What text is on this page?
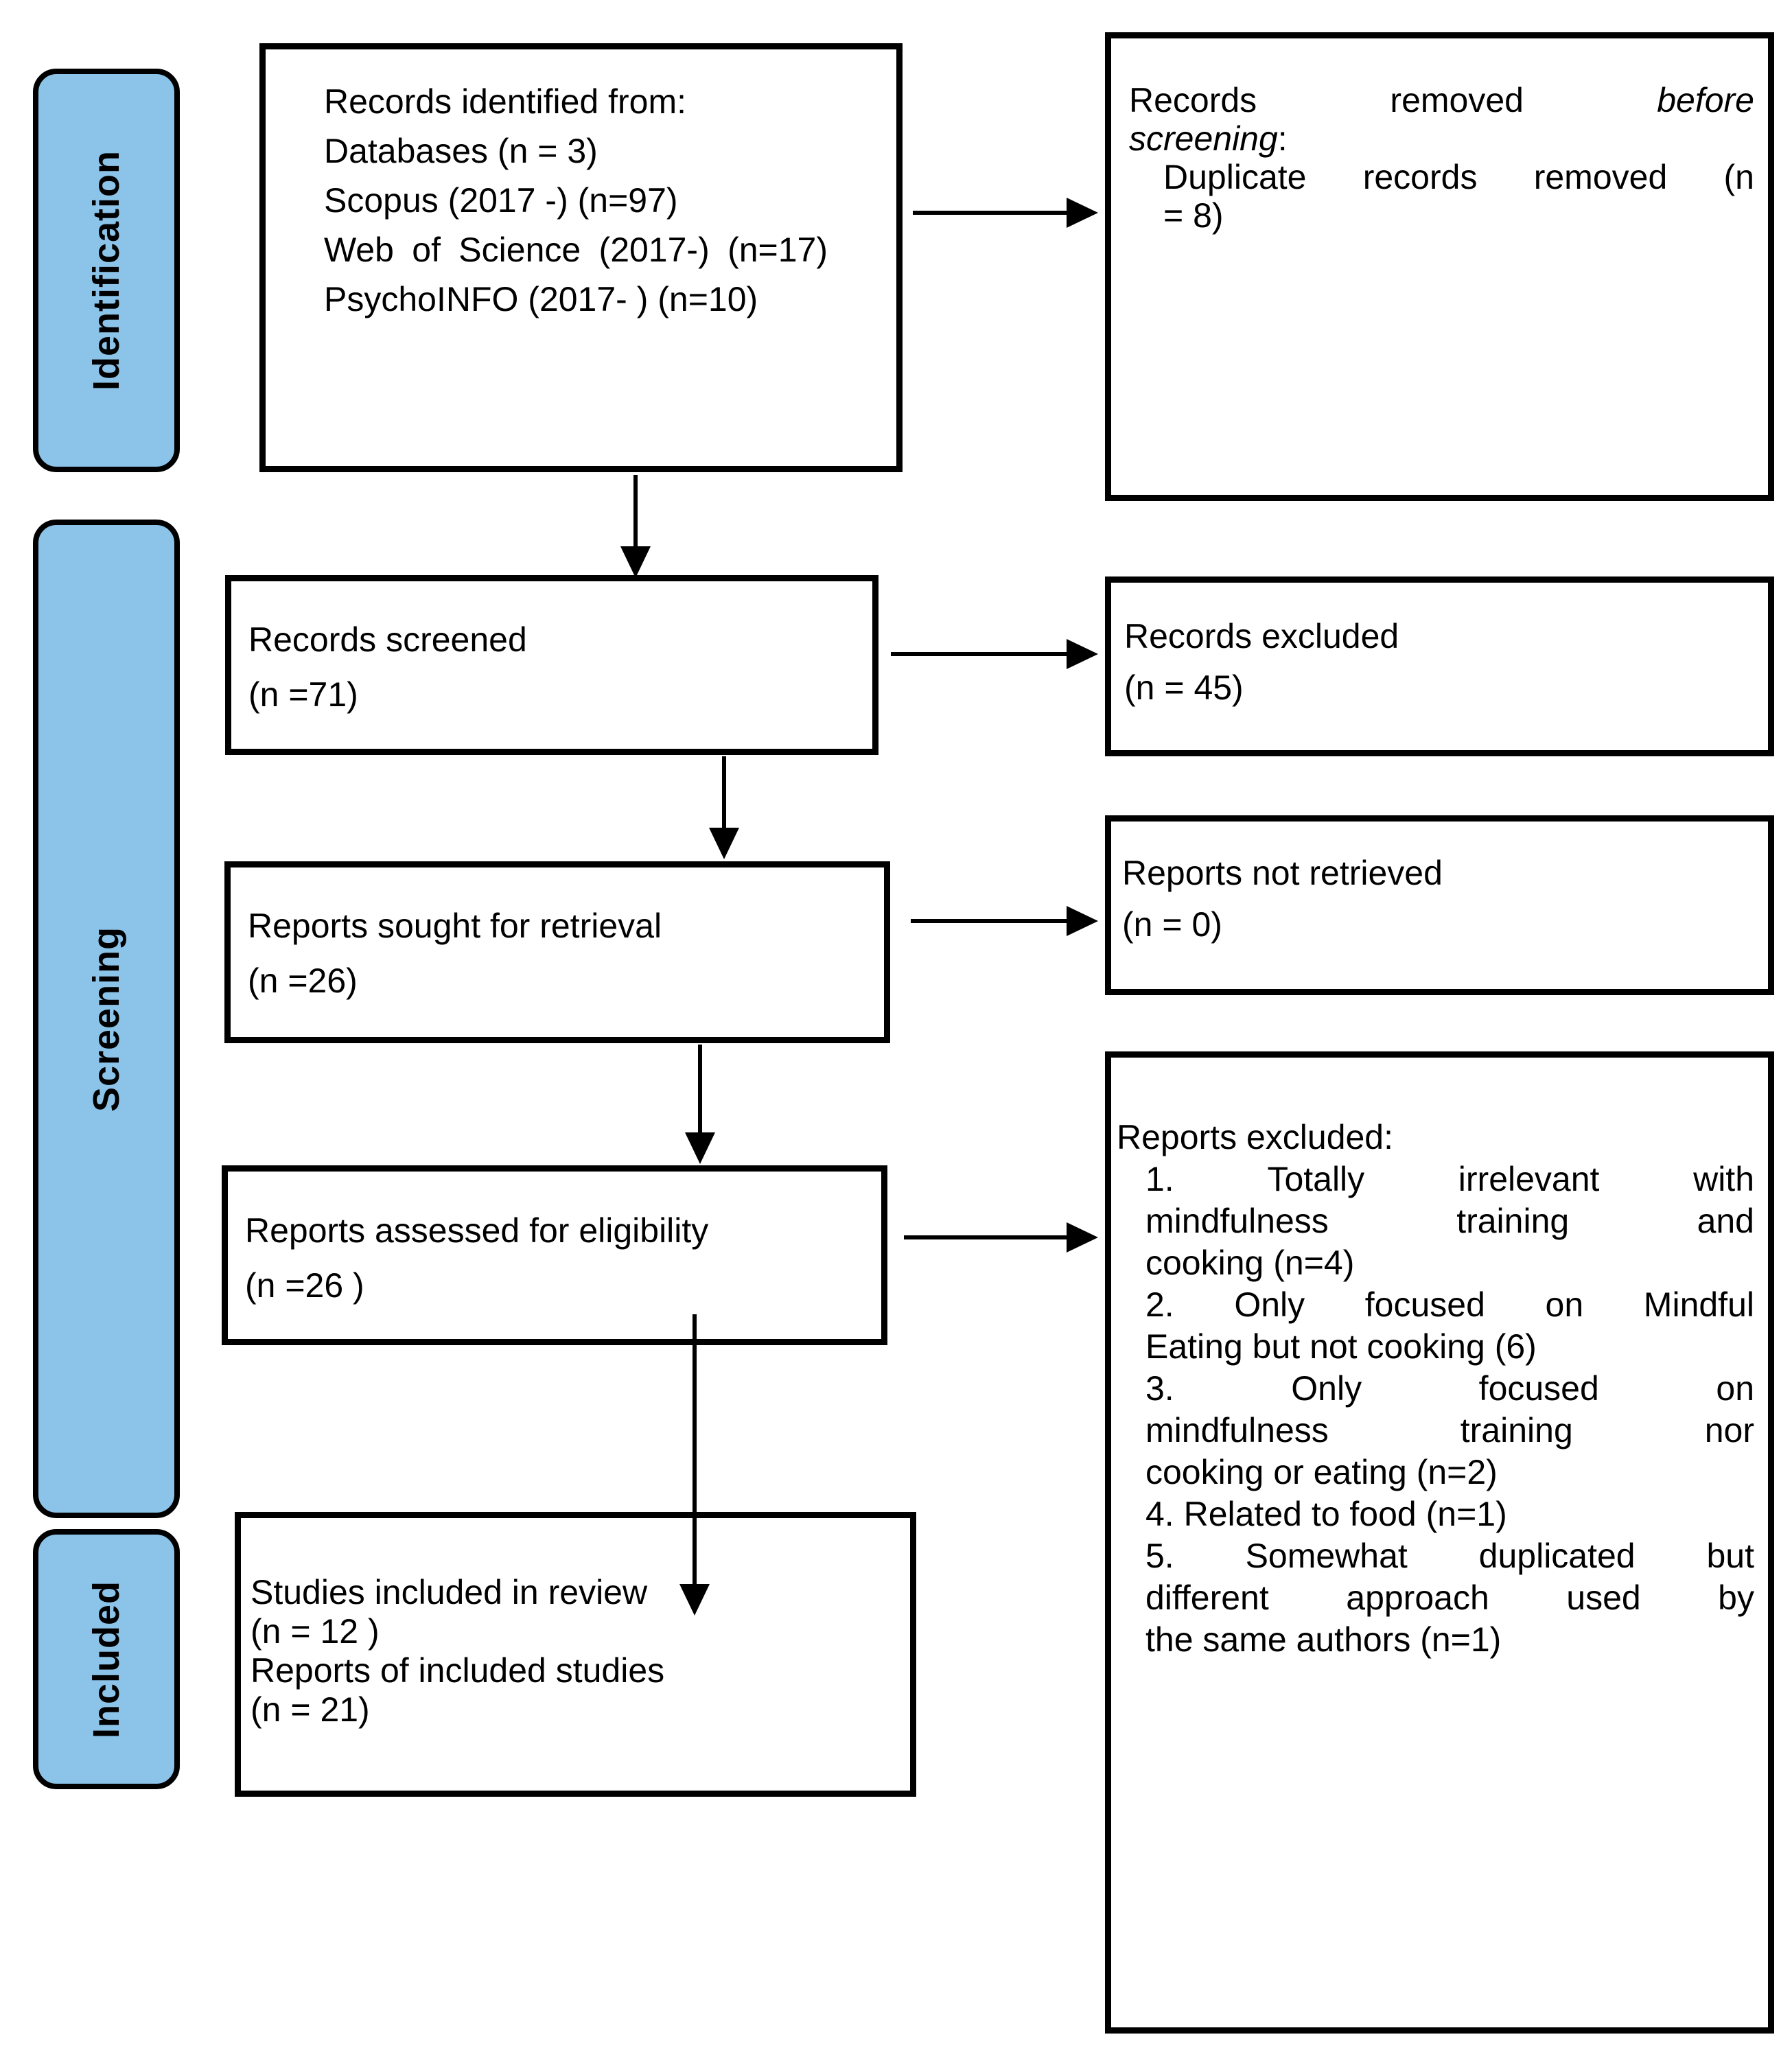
Identification
Screening
Included
Records identified from:
Databases (n = 3)
Scopus (2017 -) (n=97)
Web of Science (2017-) (n=17)
PsychoINFO (2017- ) (n=10)
Records screened
(n =71)
Reports sought for retrieval
(n =26)
Reports assessed for eligibility
(n =26 )
Studies included in review
(n = 12 )
Reports of included studies
(n = 21)
Records removed before
screening:
Duplicate records removed (n
= 8)
Records excluded
(n = 45)
Reports not retrieved
(n = 0)
Reports excluded:
1. Totally irrelevant with
mindfulness training and
cooking (n=4)
2. Only focused on Mindful
Eating but not cooking (6)
3. Only focused on
mindfulness training nor
cooking or eating (n=2)
4. Related to food (n=1)
5. Somewhat duplicated but
different approach used by
the same authors (n=1)
